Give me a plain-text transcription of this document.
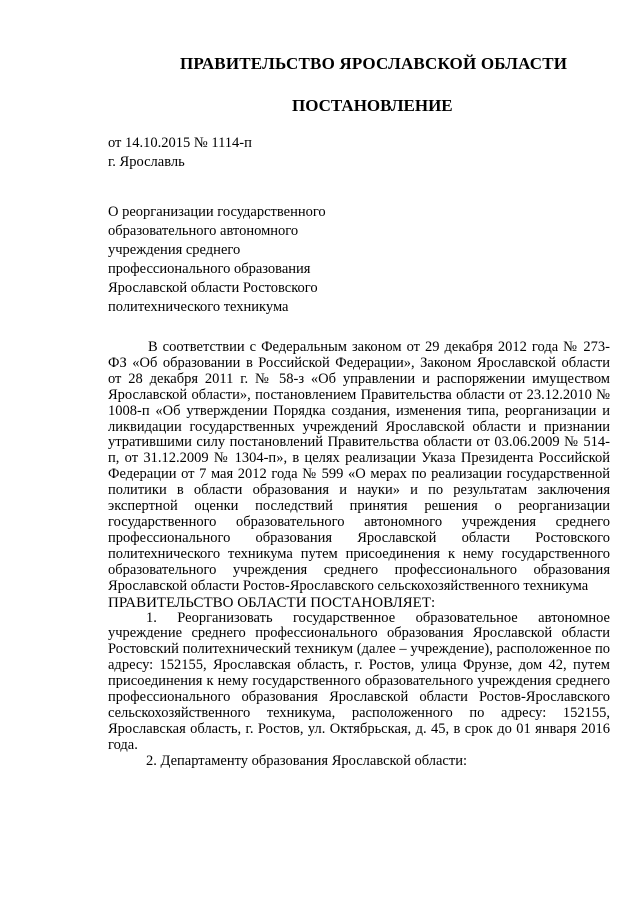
ПРАВИТЕЛЬСТВО ЯРОСЛАВСКОЙ ОБЛАСТИ
ПОСТАНОВЛЕНИЕ
от 14.10.2015 № 1114-п
г. Ярославль
О реорганизации государственного
образовательного автономного
учреждения среднего
профессионального образования
Ярославской области Ростовского
политехнического техникума

В соответствии с Федеральным законом от 29 декабря 2012 года № 273-ФЗ «Об образовании в Российской Федерации», Законом Ярославской области от 28 декабря 2011 г. № 58-з «Об управлении и распоряжении имуществом Ярославской области», постановлением Правительства области от 23.12.2010 № 1008-п «Об утверждении Порядка создания, изменения типа, реорганизации и ликвидации государственных учреждений Ярославской области и признании утратившими силу постановлений Правительства области от 03.06.2009 № 514-п, от 31.12.2009 № 1304-п», в целях реализации Указа Президента Российской Федерации от 7 мая 2012 года № 599 «О мерах по реализации государственной политики в области образования и науки» и по результатам заключения экспертной оценки последствий принятия решения о реорганизации государственного образовательного автономного учреждения среднего профессионального образования Ярославской области Ростовского политехнического техникума путем присоединения к нему государственного образовательного учреждения среднего профессионального образования Ярославской области Ростов-Ярославского сельскохозяйственного техникума

ПРАВИТЕЛЬСТВО ОБЛАСТИ ПОСТАНОВЛЯЕТ:

1. Реорганизовать государственное образовательное автономное учреждение среднего профессионального образования Ярославской области Ростовский политехнический техникум (далее – учреждение), расположенное по адресу: 152155, Ярославская область, г. Ростов, улица Фрунзе, дом 42, путем присоединения к нему государственного образовательного учреждения среднего профессионального образования Ярославской области Ростов-Ярославского сельскохозяйственного техникума, расположенного по адресу: 152155, Ярославская область, г. Ростов, ул. Октябрьская, д. 45, в срок до 01 января 2016 года.

2. Департаменту образования Ярославской области:
